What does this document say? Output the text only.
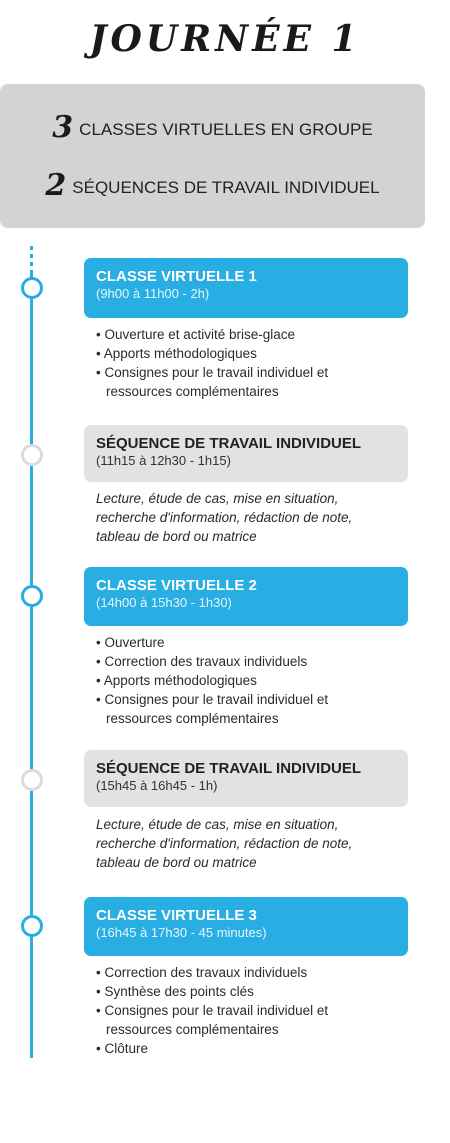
JOURNÉE 1
3 CLASSES VIRTUELLES EN GROUPE
2 SÉQUENCES DE TRAVAIL INDIVIDUEL
CLASSE VIRTUELLE 1
(9h00 à 11h00 - 2h)
• Ouverture et activité brise-glace
• Apports méthodologiques
• Consignes pour le travail individuel et ressources complémentaires
SÉQUENCE DE TRAVAIL INDIVIDUEL
(11h15 à 12h30 - 1h15)
Lecture, étude de cas, mise en situation, recherche d'information, rédaction de note, tableau de bord ou matrice
CLASSE VIRTUELLE 2
(14h00 à 15h30 - 1h30)
• Ouverture
• Correction des travaux individuels
• Apports méthodologiques
• Consignes pour le travail individuel et ressources complémentaires
SÉQUENCE DE TRAVAIL INDIVIDUEL
(15h45 à 16h45 - 1h)
Lecture, étude de cas, mise en situation, recherche d'information, rédaction de note, tableau de bord ou matrice
CLASSE VIRTUELLE 3
(16h45 à 17h30 - 45 minutes)
• Correction des travaux individuels
• Synthèse des points clés
• Consignes pour le travail individuel et ressources complémentaires
• Clôture
